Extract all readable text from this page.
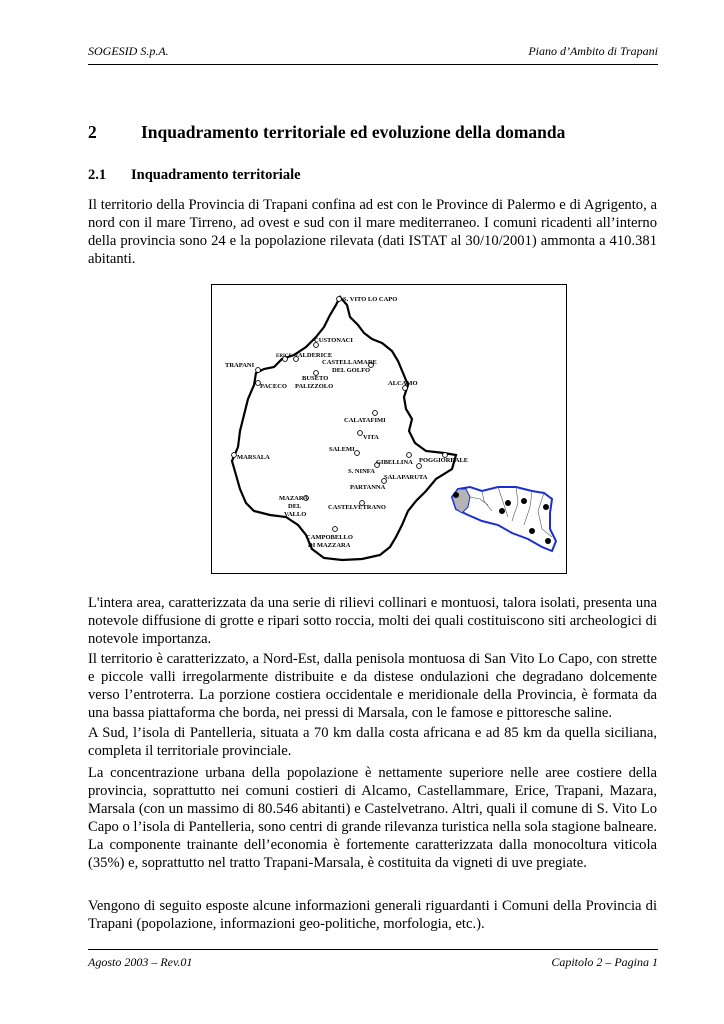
SOGESID S.p.A.	Piano d’Ambito di Trapani
2	Inquadramento territoriale ed evoluzione della domanda
2.1 Inquadramento territoriale

Il territorio della Provincia di Trapani confina ad est con le Province di Palermo e di Agrigento, a nord con il mare Tirreno, ad ovest e sud con il mare mediterraneo. I comuni ricadenti all’interno della provincia sono 24 e la popolazione rilevata (dati ISTAT al 30/10/2001) ammonta a 410.381 abitanti.

S. VITO LO CAPO
CUSTONACI
ERICE VALDERICE
CASTELLAMARE
DEL GOLFO
TRAPANI
BUSETO
PALIZZOLO
PACECO	ALCAMO
CALATAFIMI
VITA
SALEMI
MARSALA
GIBELLINA POGGIOREALE
S. NINFA
SALAPARUTA
PARTANNA
MAZARA
DEL
VALLO
CASTELVETRANO
CAMPOBELLO
DI MAZZARA

L'intera area, caratterizzata da una serie di rilievi collinari e montuosi, talora isolati, presenta una notevole diffusione di grotte e ripari sotto roccia, molti dei quali costituiscono siti archeologici di notevole importanza.

Il territorio è caratterizzato, a Nord-Est, dalla penisola montuosa di San Vito Lo Capo, con strette e piccole valli irregolarmente distribuite e da distese ondulazioni che degradano dolcemente verso l’entroterra. La porzione costiera occidentale e meridionale della Provincia, è formata da una bassa piattaforma che borda, nei pressi di Marsala, con le famose e pittoresche saline.

A Sud, l’isola di Pantelleria, situata a 70 km dalla costa africana e ad 85 km da quella siciliana, completa il territoriale provinciale.

La concentrazione urbana della popolazione è nettamente superiore nelle aree costiere della provincia, soprattutto nei comuni costieri di Alcamo, Castellammare, Erice, Trapani, Mazara, Marsala (con un massimo di 80.546 abitanti) e Castelvetrano. Altri, quali il comune di S. Vito Lo Capo o l’isola di Pantelleria, sono centri di grande rilevanza turistica nella sola stagione balneare. La componente trainante dell’economia è fortemente caratterizzata dalla monocoltura viticola (35%) e, soprattutto nel tratto Trapani-Marsala, è costituita da vigneti di uve pregiate.

Vengono di seguito esposte alcune informazioni generali riguardanti i Comuni della Provincia di Trapani (popolazione, informazioni geo-politiche, morfologia, etc.).

Agosto 2003 – Rev.01	Capitolo 2 – Pagina 1
